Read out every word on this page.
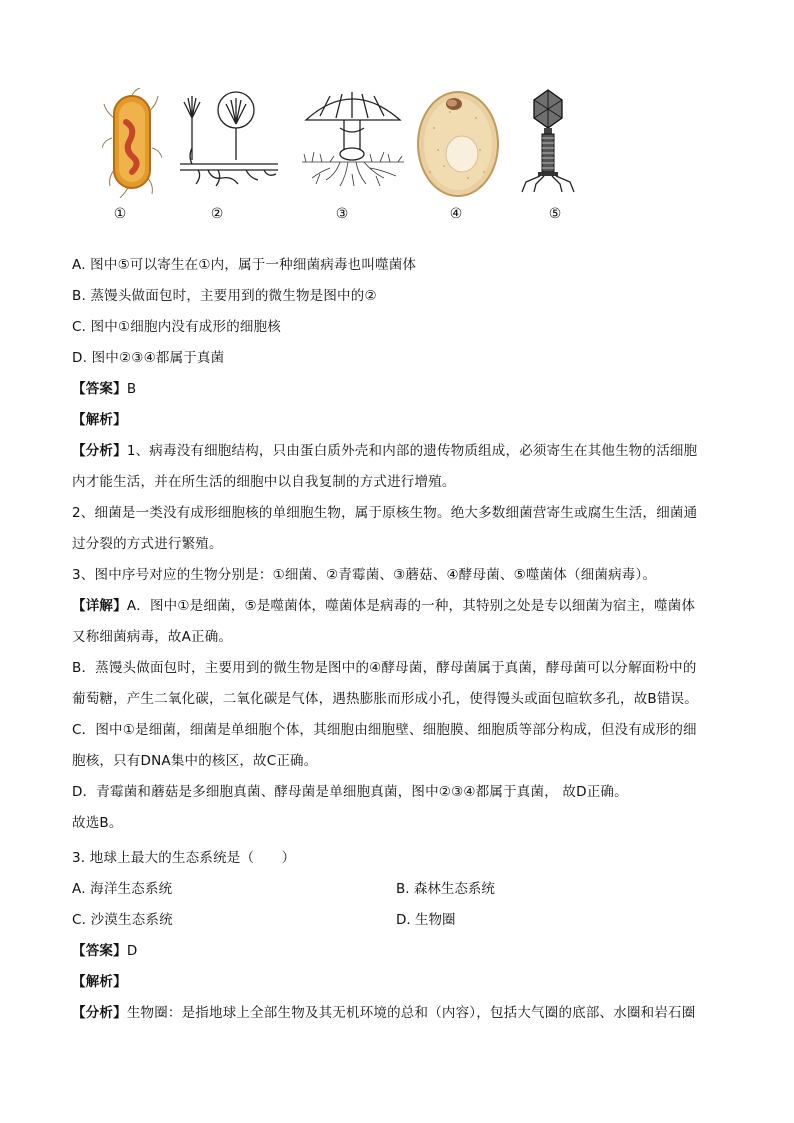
①	②	③	④	⑤
A. 图中⑤可以寄生在①内，属于一种细菌病毒也叫噬菌体
B. 蒸馒头做面包时，主要用到的微生物是图中的②
C. 图中①细胞内没有成形的细胞核
D. 图中②③④都属于真菌
【答案】B
【解析】
【分析】1、病毒没有细胞结构，只由蛋白质外壳和内部的遗传物质组成，必须寄生在其他生物的活细胞
内才能生活，并在所生活的细胞中以自我复制的方式进行增殖。
2、细菌是一类没有成形细胞核的单细胞生物，属于原核生物。绝大多数细菌营寄生或腐生生活，细菌通
过分裂的方式进行繁殖。
3、图中序号对应的生物分别是：①细菌、②青霉菌、③蘑菇、④酵母菌、⑤噬菌体（细菌病毒）。
【详解】A．图中①是细菌，⑤是噬菌体，噬菌体是病毒的一种，其特别之处是专以细菌为宿主，噬菌体
又称细菌病毒，故A正确。
B．蒸馒头做面包时，主要用到的微生物是图中的④酵母菌，酵母菌属于真菌，酵母菌可以分解面粉中的
葡萄糖，产生二氧化碳，二氧化碳是气体，遇热膨胀而形成小孔，使得馒头或面包暄软多孔，故B错误。
C．图中①是细菌，细菌是单细胞个体，其细胞由细胞壁、细胞膜、细胞质等部分构成，但没有成形的细
胞核，只有DNA集中的核区，故C正确。
D．青霉菌和蘑菇是多细胞真菌、酵母菌是单细胞真菌，图中②③④都属于真菌， 故D正确。
故选B。
3. 地球上最大的生态系统是（　　）
A. 海洋生态系统	B. 森林生态系统
C. 沙漠生态系统	D. 生物圈
【答案】D
【解析】
【分析】生物圈：是指地球上全部生物及其无机环境的总和（内容），包括大气圈的底部、水圈和岩石圈
